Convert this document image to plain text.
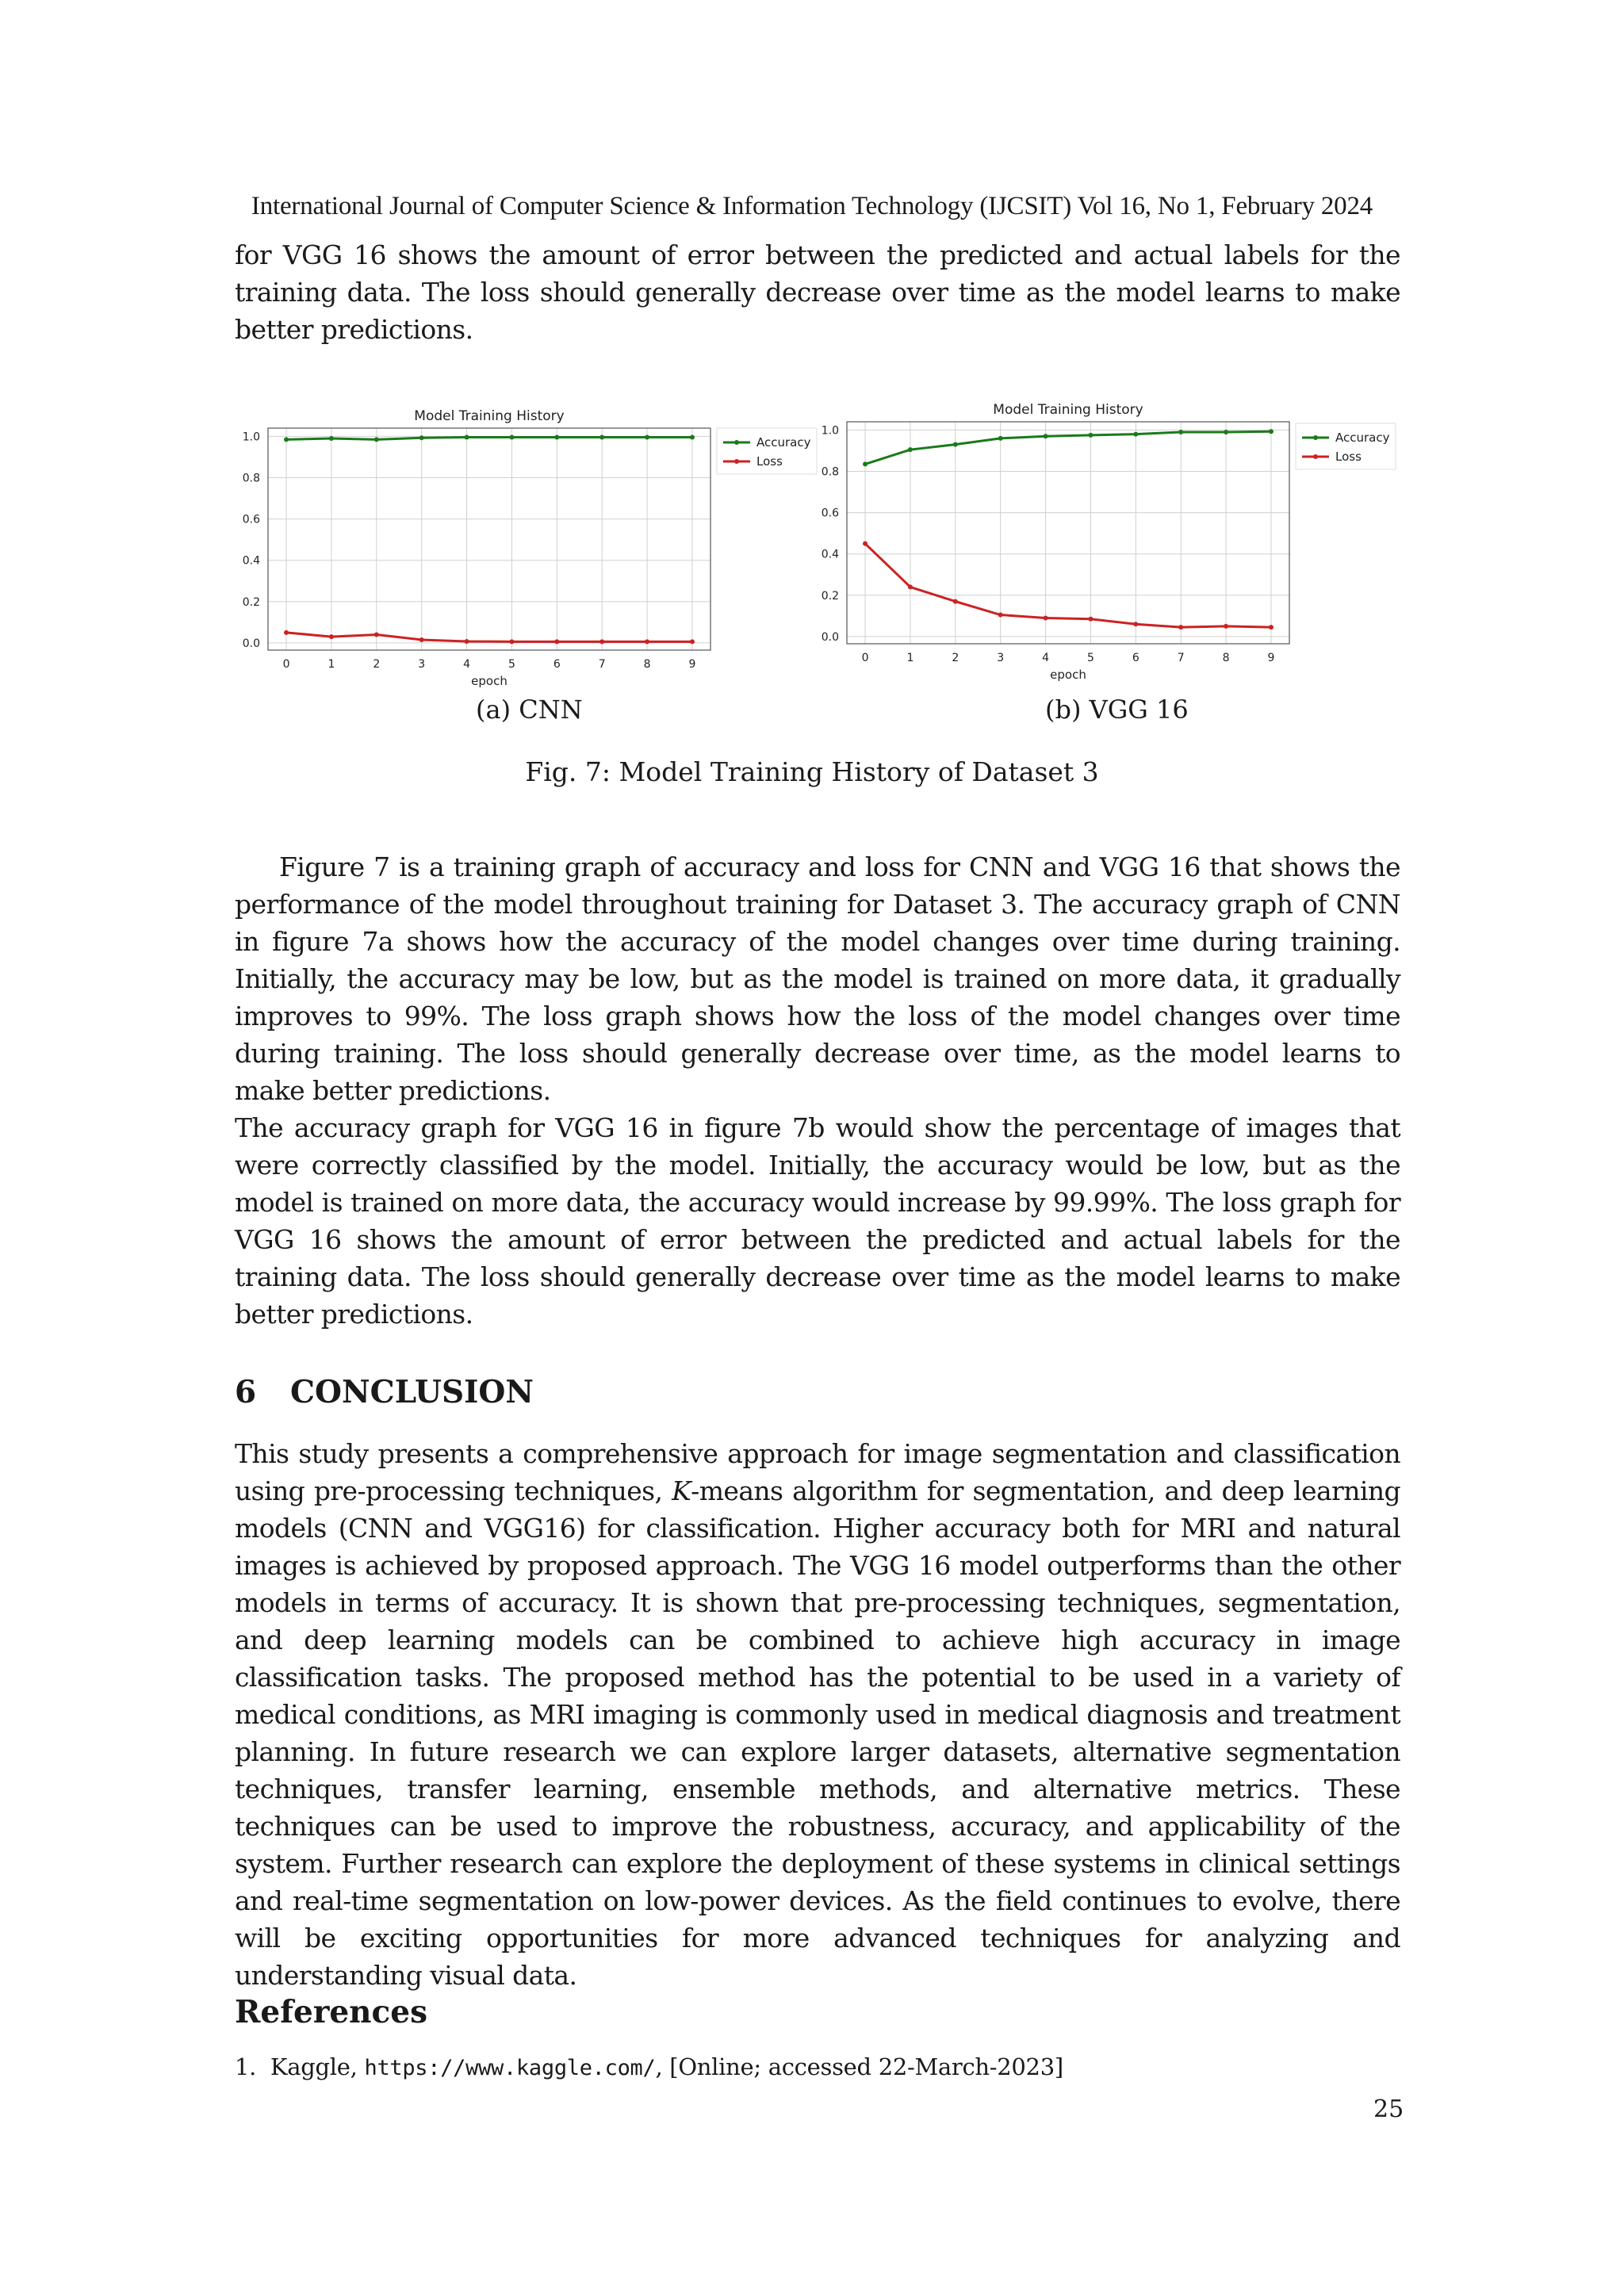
International Journal of Computer Science & Information Technology (IJCSIT) Vol 16, No 1, February 2024

for VGG 16 shows the amount of error between the predicted and actual labels for the training data. The loss should generally decrease over time as the model learns to make better predictions.

Model Training History
0	1	2	3	4	5	6	7	8	9
0.0
0.2
0.4
0.6
0.8
1.0
epoch
Accuracy
Loss
Model Training History
0	1	2	3	4	5	6	7	8	9
0.0
0.2
0.4
0.6
0.8
1.0
epoch
Accuracy
Loss
(a) CNN	(b) VGG 16
Fig. 7: Model Training History of Dataset 3

Figure 7 is a training graph of accuracy and loss for CNN and VGG 16 that shows the performance of the model throughout training for Dataset 3. The accuracy graph of CNN in figure 7a shows how the accuracy of the model changes over time during training. Initially, the accuracy may be low, but as the model is trained on more data, it gradually improves to 99%. The loss graph shows how the loss of the model changes over time during training. The loss should generally decrease over time, as the model learns to make better predictions.

The accuracy graph for VGG 16 in figure 7b would show the percentage of images that were correctly classified by the model. Initially, the accuracy would be low, but as the model is trained on more data, the accuracy would increase by 99.99%. The loss graph for VGG 16 shows the amount of error between the predicted and actual labels for the training data. The loss should generally decrease over time as the model learns to make better predictions.

6 CONCLUSION

This study presents a comprehensive approach for image segmentation and classification using pre-processing techniques, K-means algorithm for segmentation, and deep learning models (CNN and VGG16) for classification. Higher accuracy both for MRI and natural images is achieved by proposed approach. The VGG 16 model outperforms than the other models in terms of accuracy. It is shown that pre-processing techniques, segmentation, and deep learning models can be combined to achieve high accuracy in image classification tasks. The proposed method has the potential to be used in a variety of medical conditions, as MRI imaging is commonly used in medical diagnosis and treatment planning. In future research we can explore larger datasets, alternative segmentation techniques, transfer learning, ensemble methods, and alternative metrics. These techniques can be used to improve the robustness, accuracy, and applicability of the system. Further research can explore the deployment of these systems in clinical settings and real-time segmentation on low-power devices. As the field continues to evolve, there will be exciting opportunities for more advanced techniques for analyzing and understanding visual data.

References
1. Kaggle, https://www.kaggle.com/, [Online; accessed 22-March-2023]
25
